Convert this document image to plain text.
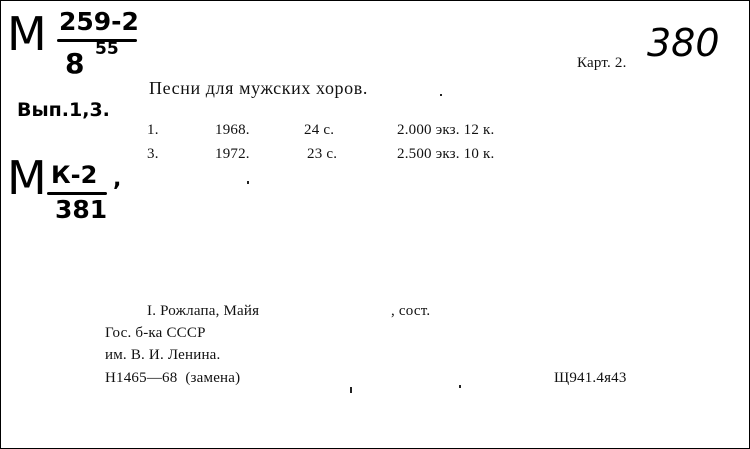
М 259-2
8 55
Вып.1,3.
М К-2 ,
381
380
Карт. 2.
Песни для мужских хоров.
1.	1968.	24 с.	2.000 экз. 12 к.
3.	1972.	23 с.	2.500 экз. 10 к.
I. Рожлапа, Майя	, сост.
Гос. б-ка СССР
им. В. И. Ленина.
Н1465—68  (замена)	Щ941.4я43
